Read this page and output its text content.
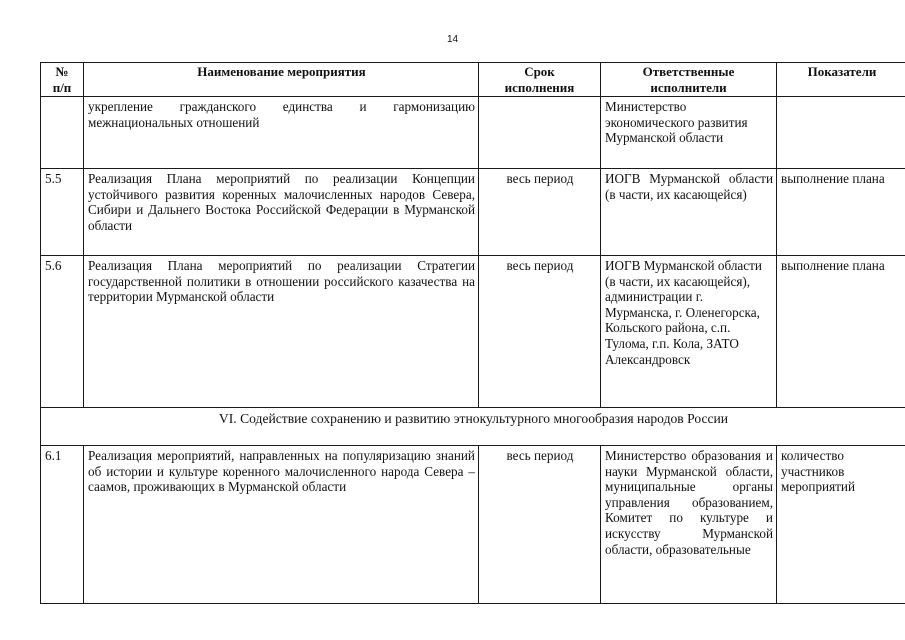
14
№ п/п	Наименование мероприятия	Срок исполнения	Ответственные исполнители	Показатели
	укрепление гражданского единства и гармонизацию межнациональных отношений		Министерство экономического развития Мурманской области	
5.5	Реализация Плана мероприятий по реализации Концепции устойчивого развития коренных малочисленных народов Севера, Сибири и Дальнего Востока Российской Федерации в Мурманской области	весь период	ИОГВ Мурманской области (в части, их касающейся)	выполнение плана
5.6	Реализация Плана мероприятий по реализации Стратегии государственной политики в отношении российского казачества на территории Мурманской области	весь период	ИОГВ Мурманской области (в части, их касающейся), администрации г. Мурманска, г. Оленегорска, Кольского района, с.п. Тулома, г.п. Кола, ЗАТО Александровск	выполнение плана
VI. Содействие сохранению и развитию этнокультурного многообразия народов России				
6.1	Реализация мероприятий, направленных на популяризацию знаний об истории и культуре коренного малочисленного народа Севера – саамов, проживающих в Мурманской области	весь период	Министерство образования и науки Мурманской области, муниципальные органы управления образованием, Комитет по культуре и искусству Мурманской области, образовательные	количество участников мероприятий
